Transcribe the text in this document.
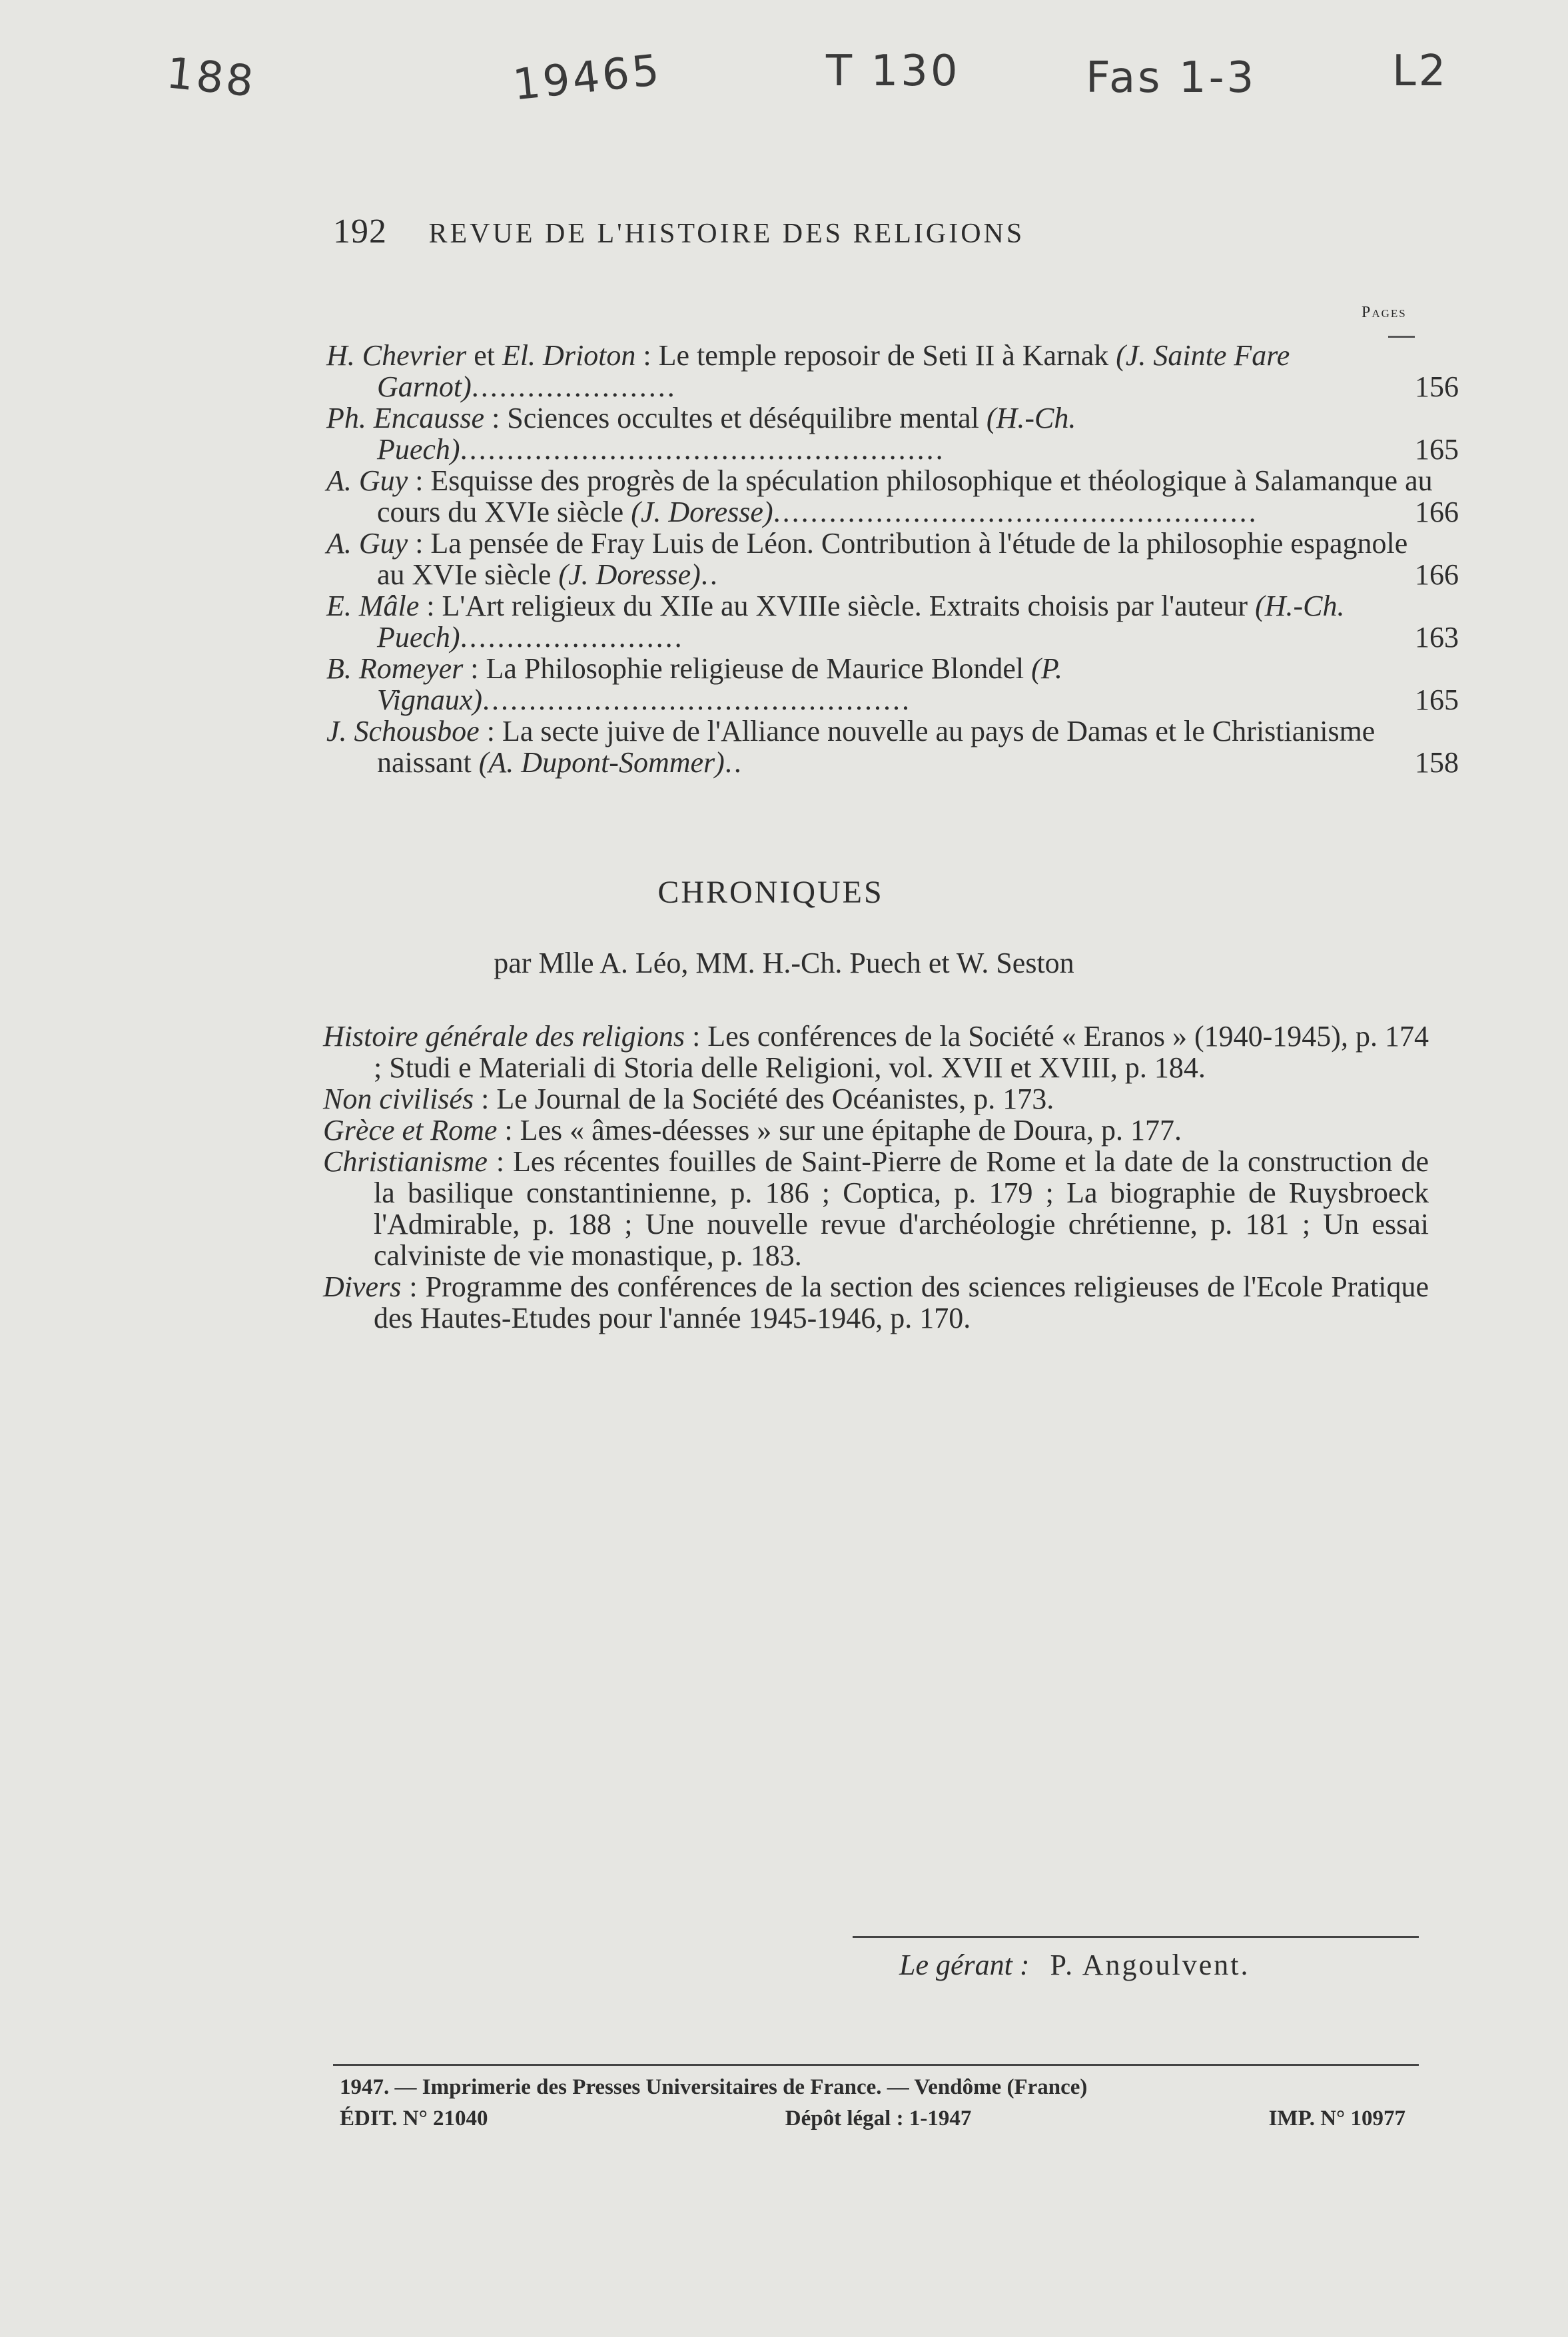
188	19465	T 130	Fas 1-3	L2
192 REVUE DE L'HISTOIRE DES RELIGIONS
Pages
H. Chevrier et El. Drioton : Le temple reposoir de Seti II à Karnak (J. Sainte Fare Garnot)......................	156
Ph. Encausse : Sciences occultes et déséquilibre mental (H.-Ch. Puech)....................................................	165
A. Guy : Esquisse des progrès de la spéculation philosophique et théologique à Salamanque au cours du XVIe siècle (J. Doresse)....................................................	166
A. Guy : La pensée de Fray Luis de Léon. Contribution à l'étude de la philosophie espagnole au XVIe siècle (J. Doresse)..	166
E. Mâle : L'Art religieux du XIIe au XVIIIe siècle. Extraits choisis par l'auteur (H.-Ch. Puech)........................	163
B. Romeyer : La Philosophie religieuse de Maurice Blondel (P. Vignaux)..............................................	165
J. Schousboe : La secte juive de l'Alliance nouvelle au pays de Damas et le Christianisme naissant (A. Dupont-Sommer)..	158
CHRONIQUES
par Mlle A. Léo, MM. H.-Ch. Puech et W. Seston
Histoire générale des religions : Les conférences de la Société « Eranos » (1940-1945), p. 174 ; Studi e Materiali di Storia delle Religioni, vol. XVII et XVIII, p. 184.
Non civilisés : Le Journal de la Société des Océanistes, p. 173.
Grèce et Rome : Les « âmes-déesses » sur une épitaphe de Doura, p. 177.
Christianisme : Les récentes fouilles de Saint-Pierre de Rome et la date de la construction de la basilique constantinienne, p. 186 ; Coptica, p. 179 ; La biographie de Ruysbroeck l'Admirable, p. 188 ; Une nouvelle revue d'archéologie chrétienne, p. 181 ; Un essai calviniste de vie monastique, p. 183.
Divers : Programme des conférences de la section des sciences religieuses de l'Ecole Pratique des Hautes-Etudes pour l'année 1945-1946, p. 170.
Le gérant : P. Angoulvent.
1947. — Imprimerie des Presses Universitaires de France. — Vendôme (France)
ÉDIT. N° 21040	Dépôt légal : 1-1947	IMP. N° 10977
